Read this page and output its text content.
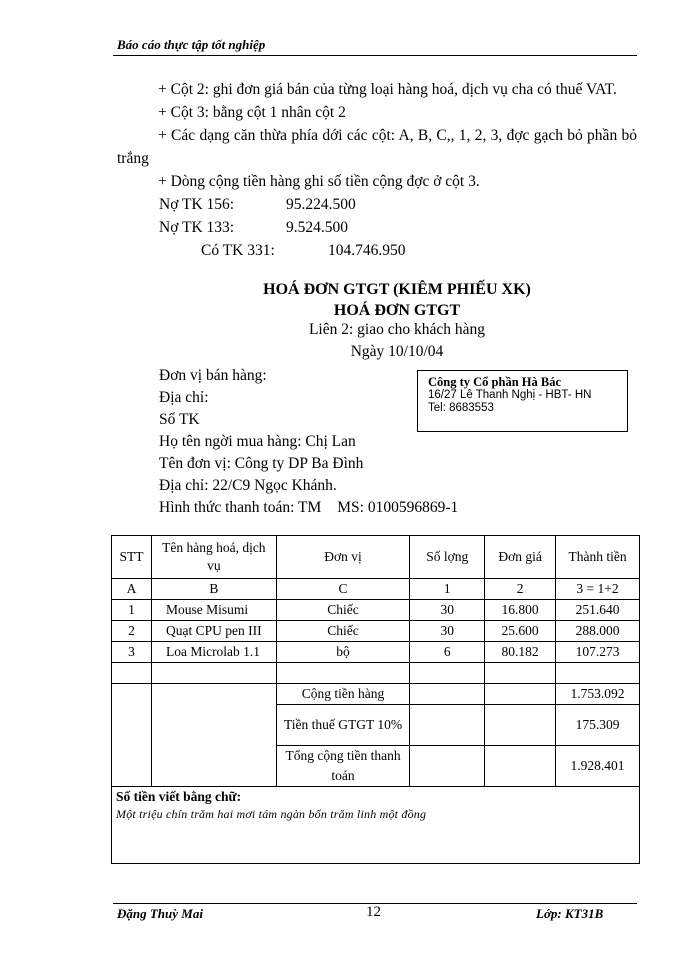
Báo cáo thực tập tốt nghiệp

+ Cột 2: ghi đơn giá bán của từng loại hàng hoá, dịch vụ cha có thuế VAT.

+ Cột 3: bằng cột 1 nhân cột 2

+ Các dạng căn thừa phía dới các cột: A, B, C,, 1, 2, 3, đợc gạch bỏ phần bỏ trắng

+ Dòng cộng tiền hàng ghi số tiền cộng đợc ở cột 3.

Nợ TK 156:	95.224.500

Nợ TK 133:	9.524.500

Có TK 331:	104.746.950

HOÁ ĐƠN GTGT (KIÊM PHIẾU XK)
HOÁ ĐƠN GTGT
Liên 2: giao cho khách hàng
Ngày 10/10/04
Đơn vị bán hàng:
Địa chỉ:
Số TK
Họ tên ngời mua hàng: Chị Lan
Tên đơn vị: Công ty DP Ba Đình
Địa chỉ: 22/C9 Ngọc Khánh.
Hình thức thanh toán: TM MS: 0100596869-1
Công ty Cổ phần Hà Bác
16/27 Lê Thanh Nghị - HBT- HN
Tel: 8683553
STT	Tên hàng hoá, dịch vụ	Đơn vị	Số lợng	Đơn giá	Thành tiền
A	B	C	1	2	3 = 1+2
1	Mouse Misumi	Chiếc	30	16.800	251.640
2	Quạt CPU pen III	Chiếc	30	25.600	288.000
3	Loa Microlab 1.1	bộ	6	80.182	107.273

		Cộng tiền hàng			1.753.092
		Tiền thuế GTGT 10%			175.309
		Tổng cộng tiền thanh toán			1.928.401

Số tiền viết bằng chữ:
Một triệu chín trăm hai mơi tám ngàn bốn trăm linh một đồng					
Đặng Thuỳ Mai	12	Lớp: KT31B
